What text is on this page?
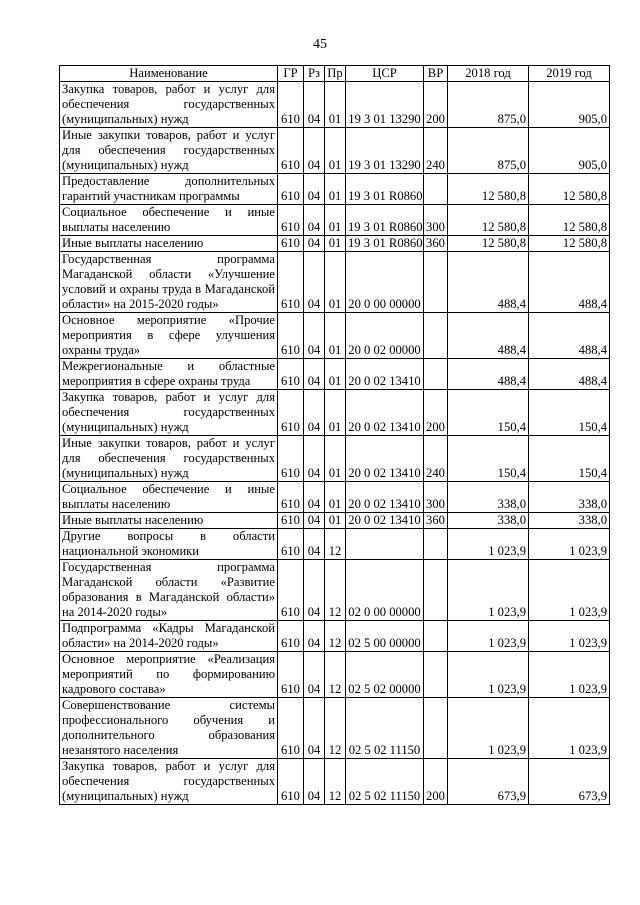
45
Наименование	ГР	Рз	Пр	ЦСР	ВР	2018 год	2019 год
Закупка товаров, работ и услуг для обеспечения государственных (муниципальных) нужд	610	04	01	19 3 01 13290	200	875,0	905,0
Иные закупки товаров, работ и услуг для обеспечения государственных (муниципальных) нужд	610	04	01	19 3 01 13290	240	875,0	905,0
Предоставление дополнительных гарантий участникам программы	610	04	01	19 3 01 R0860		12 580,8	12 580,8
Социальное обеспечение и иные выплаты населению	610	04	01	19 3 01 R0860	300	12 580,8	12 580,8
Иные выплаты населению	610	04	01	19 3 01 R0860	360	12 580,8	12 580,8
Государственная программа Магаданской области «Улучшение условий и охраны труда в Магаданской области» на 2015-2020 годы»	610	04	01	20 0 00 00000		488,4	488,4
Основное мероприятие «Прочие мероприятия в сфере улучшения охраны труда»	610	04	01	20 0 02 00000		488,4	488,4
Межрегиональные и областные мероприятия в сфере охраны труда	610	04	01	20 0 02 13410		488,4	488,4
Закупка товаров, работ и услуг для обеспечения государственных (муниципальных) нужд	610	04	01	20 0 02 13410	200	150,4	150,4
Иные закупки товаров, работ и услуг для обеспечения государственных (муниципальных) нужд	610	04	01	20 0 02 13410	240	150,4	150,4
Социальное обеспечение и иные выплаты населению	610	04	01	20 0 02 13410	300	338,0	338,0
Иные выплаты населению	610	04	01	20 0 02 13410	360	338,0	338,0
Другие вопросы в области национальной экономики	610	04	12			1 023,9	1 023,9
Государственная программа Магаданской области «Развитие образования в Магаданской области» на 2014-2020 годы»	610	04	12	02 0 00 00000		1 023,9	1 023,9
Подпрограмма «Кадры Магаданской области» на 2014-2020 годы»	610	04	12	02 5 00 00000		1 023,9	1 023,9
Основное мероприятие «Реализация мероприятий по формированию кадрового состава»	610	04	12	02 5 02 00000		1 023,9	1 023,9
Совершенствование системы профессионального обучения и дополнительного образования незанятого населения	610	04	12	02 5 02 11150		1 023,9	1 023,9
Закупка товаров, работ и услуг для обеспечения государственных (муниципальных) нужд	610	04	12	02 5 02 11150	200	673,9	673,9
